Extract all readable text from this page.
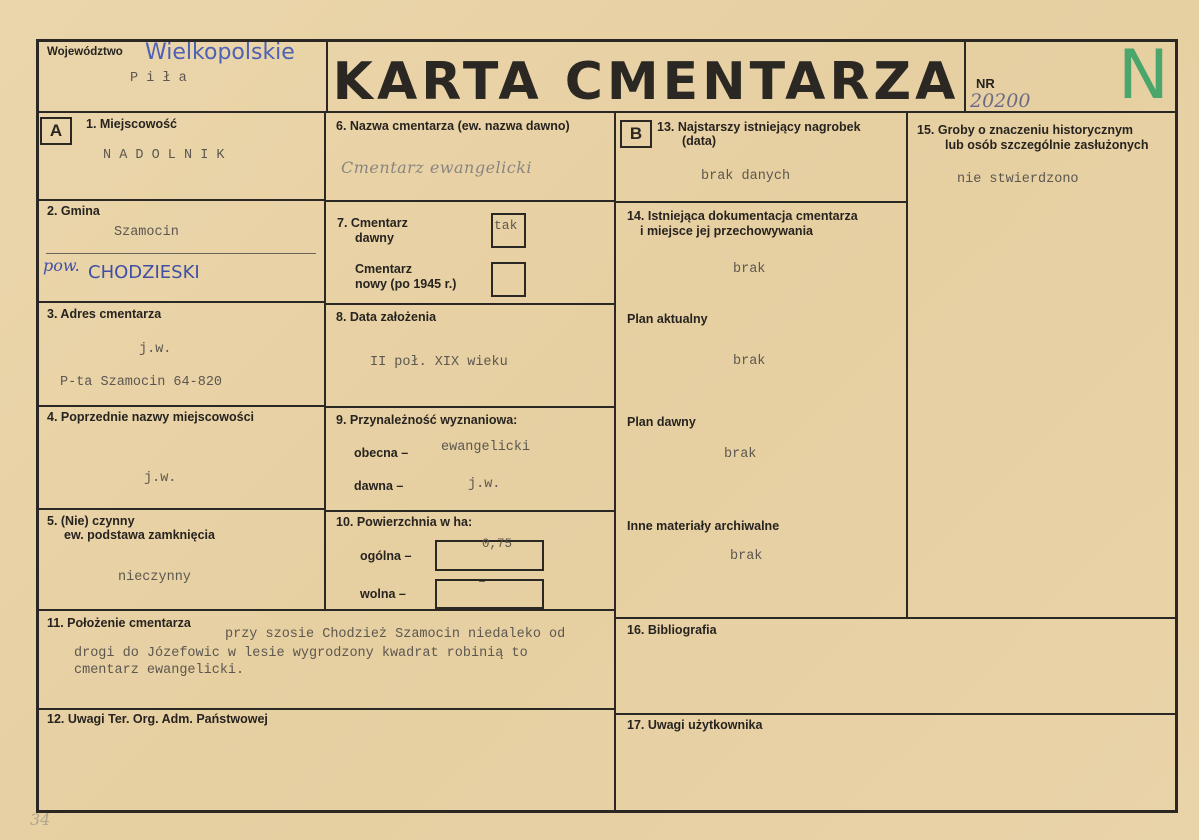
Województwo Wielkopolskie
P i ł a	KARTA CMENTARZA	NR
20200 N
A	1. Miejscowość
N A D O L N I K
2. Gmina
Szamocin
pow. CHODZIESKI
3. Adres cmentarza
j.w.
P-ta Szamocin 64-820
4. Poprzednie nazwy miejscowości
j.w.
5. (Nie) czynny
ew. podstawa zamknięcia
nieczynny
6. Nazwa cmentarza (ew. nazwa dawno)
Cmentarz ewangelicki
7. Cmentarz
dawny
tak
Cmentarz
nowy (po 1945 r.)
8. Data założenia
II poł. XIX wieku
9. Przynależność wyznaniowa:
obecna – ewangelicki
dawna –	j.w.
10. Powierzchnia w ha:
ogólna –
0,75
wolna –
–
B	13. Najstarszy istniejący nagrobek
(data)
brak danych
14. Istniejąca dokumentacja cmentarza
i miejsce jej przechowywania
brak
Plan aktualny
brak
Plan dawny
brak
Inne materiały archiwalne
brak
15. Groby o znaczeniu historycznym
lub osób szczególnie zasłużonych
nie stwierdzono
11. Położenie cmentarza
przy szosie Chodzież Szamocin niedaleko od
drogi do Józefowic w lesie wygrodzony kwadrat robinią to
cmentarz ewangelicki.
12. Uwagi Ter. Org. Adm. Państwowej
16. Bibliografia
17. Uwagi użytkownika
34
